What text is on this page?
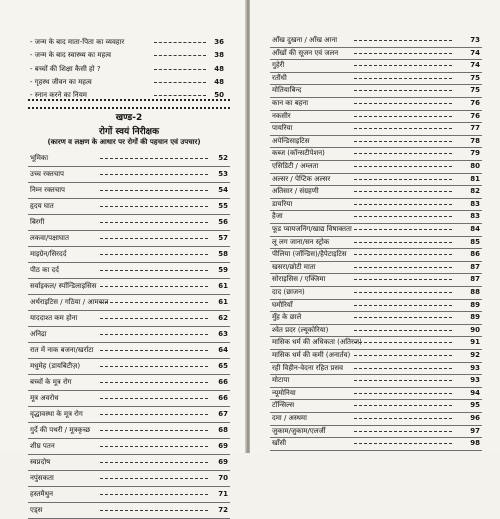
- जन्म के बाद माता-पिता का व्यवहार	36
- जन्म के बाद स्वास्थ्य का महत्व	38
- बच्चों की शिक्षा कैसी हो ?	48
- गृहस्थ जीवन का महत्व	48
- स्नान करने का नियम	50
खण्ड-2
रोगों स्वयं निरीक्षक
(कारण व लक्षण के आधार पर रोगों की पहचान एवं उपचार)
भूमिका	52
उच्च रक्तचाप	53
निम्न रक्तचाप	54
हृदय घात	55
बिरगी	56
लकवा/पक्षाघात	57
माइग्रेन/सिरदर्द	58
पीठ का दर्द	59
सर्वाइकल/ स्पॉन्डिलाइसिस	61
अर्थराइटिस / गठिया / आमवात	61
याददाश्त कम होना	62
अनिद्रा	63
रात में नाक बजना/खर्राटा	64
मधुमेह (डायबिटीज़)	65
बच्चों के मूत्र रोग	66
मूत्र अवरोध	66
वृद्धावस्था के मूत्र रोग	67
गुर्दे की पथरी / मूत्रकृच्छ	68
शीघ्र पतन	69
स्वप्नदोष	69
नपुंसकता	70
हस्तमैथुन	71
एड्स	72
आँख दुखना / आँख आना	73
आँखों की सूजन एवं जलन	74
गुहेरी	74
रतौंधी	75
मोतियाबिन्द	75
कान का बहना	76
नकसीर	76
पायरिया	77
अपेन्डिसाइटिस	78
कब्ज (कॉन्सटीपेशन)	79
एसिडिटी / अम्लता	80
अल्सर / पेप्टिक अल्सर	81
अतिसार / संग्रहणी	82
डायरिया	83
हैजा	83
फूड प्वायजनिंग/खाद्य विषाक्तता	84
लू लग जाना/सन स्ट्रोक	85
पीलिया (जॉन्डिस)/हैपेटाइटिस	86
खसरा/छोटी माता	87
सोराइसिस / एक्जिमा	87
दाद (छाजन)	88
घमौरियाँ	89
मुँह के छाले	89
श्वेत प्रदर (ल्यूकोरिया)	90
मासिक धर्म की अधिकता (अतिरज)	91
मासिक धर्म की कमी (अनार्तव)	92
रही विहीन-वेदना रहित प्रसव	93
मोटापा	93
न्यूमोनिया	94
टॉन्सिल्स	95
दमा / अस्थमा	96
जुकाम/जुकाम/एलर्जी	97
खाँसी	98
